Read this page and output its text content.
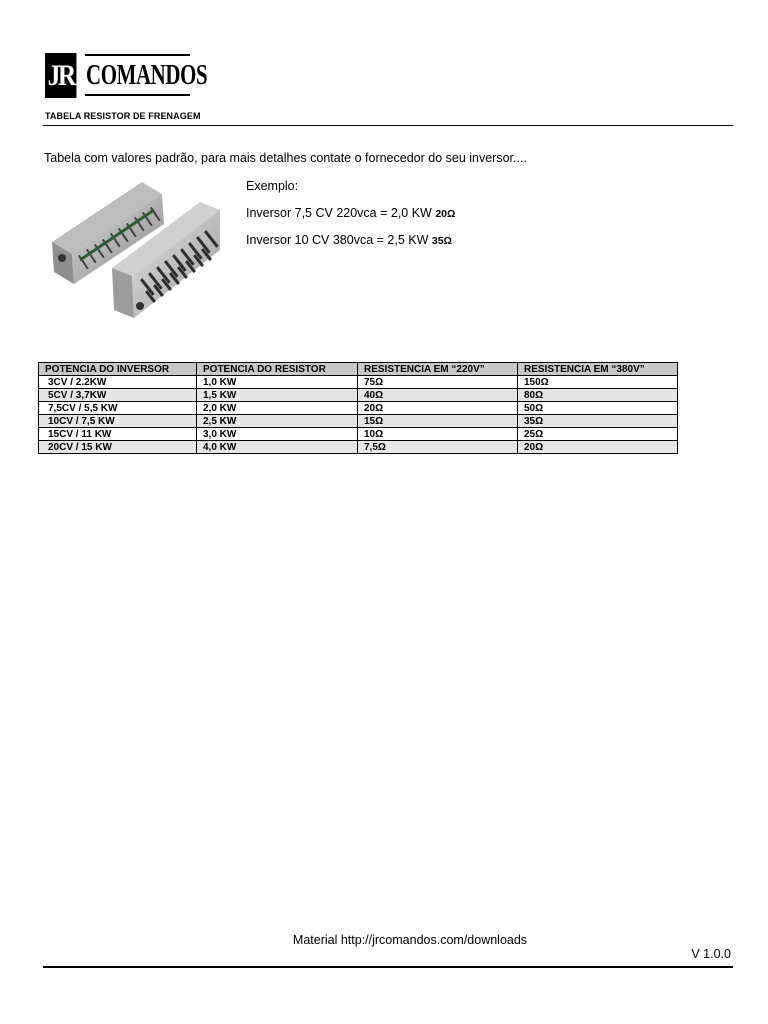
JR COMANDOS
TABELA RESISTOR DE FRENAGEM
Tabela com valores padrão, para mais detalhes contate o fornecedor do seu inversor....
Exemplo:
Inversor 7,5 CV 220vca = 2,0 KW 20Ω
Inversor 10 CV 380vca = 2,5 KW 35Ω
POTENCIA DO INVERSOR	POTENCIA DO RESISTOR	RESISTENCIA EM “220V”	RESISTENCIA EM “380V”
3CV / 2.2KW	1,0 KW	75Ω	150Ω
5CV / 3,7KW	1,5 KW	40Ω	80Ω
7,5CV / 5,5 KW	2,0 KW	20Ω	50Ω
10CV / 7,5 KW	2,5 KW	15Ω	35Ω
15CV / 11 KW	3,0 KW	10Ω	25Ω
20CV / 15 KW	4,0 KW	7,5Ω	20Ω
Material http://jrcomandos.com/downloads
V 1.0.0
